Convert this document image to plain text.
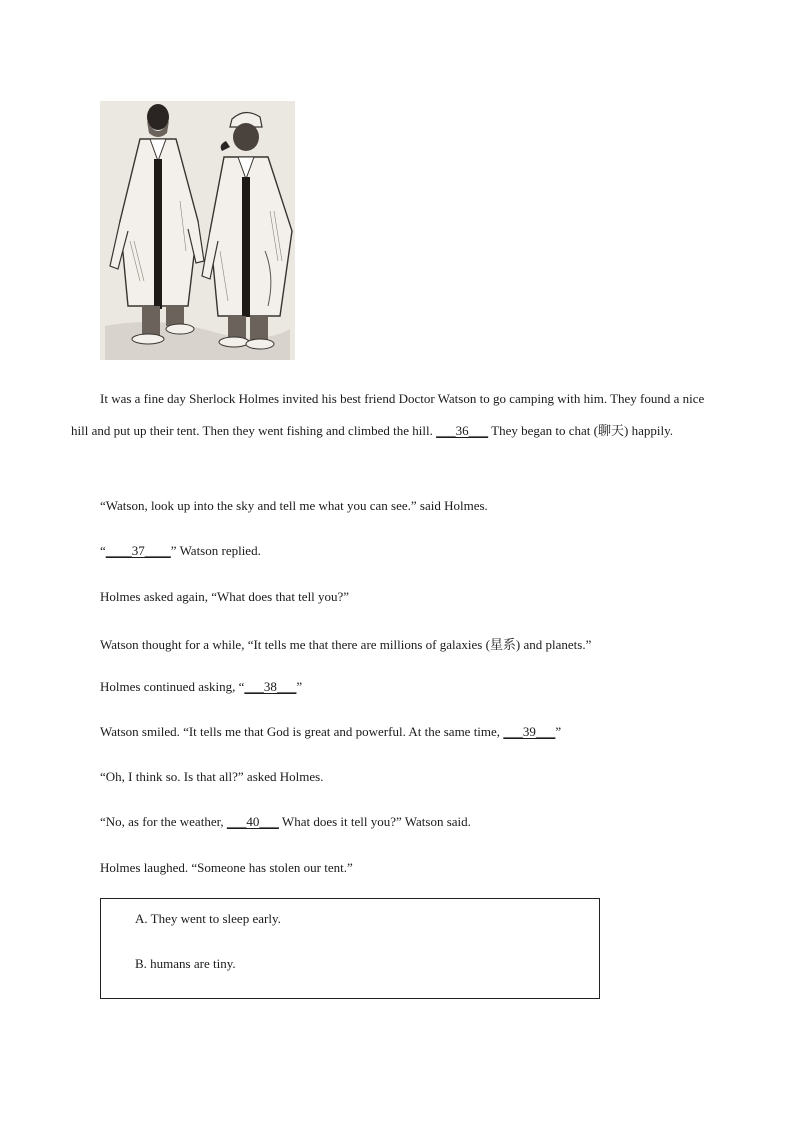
It was a fine day Sherlock Holmes invited his best friend Doctor Watson to go camping with him. They found a nice hill and put up their tent. Then they went fishing and climbed the hill. ___36___ They began to chat (聊天) happily.

“Watson, look up into the sky and tell me what you can see.” said Holmes.

“____37____” Watson replied.

Holmes asked again, “What does that tell you?”

Watson thought for a while, “It tells me that there are millions of galaxies (星系) and planets.”

Holmes continued asking, “___38___”

Watson smiled. “It tells me that God is great and powerful. At the same time, ___39___”

“Oh, I think so. Is that all?” asked Holmes.

“No, as for the weather, ___40___ What does it tell you?” Watson said.

Holmes laughed. “Someone has stolen our tent.”

A. They went to sleep early.

B. humans are tiny.
